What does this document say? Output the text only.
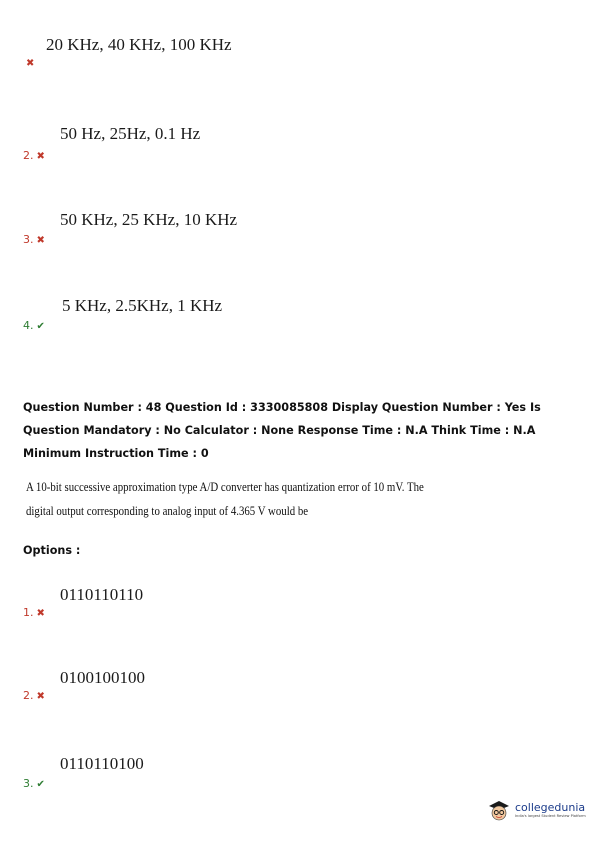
20 KHz, 40 KHz, 100 KHz
✖
50 Hz, 25Hz, 0.1 Hz
2. ✖
50 KHz, 25 KHz, 10 KHz
3. ✖
5 KHz, 2.5KHz, 1 KHz
4. ✔
Question Number : 48 Question Id : 3330085808 Display Question Number : Yes Is Question Mandatory : No Calculator : None Response Time : N.A Think Time : N.A Minimum Instruction Time : 0
A 10-bit successive approximation type A/D converter has quantization error of 10 mV. The digital output corresponding to analog input of 4.365 V would be
Options :
0110110110
1. ✖
0100100100
2. ✖
0110110100
3. ✔
collegedunia
India's largest Student Review Platform
